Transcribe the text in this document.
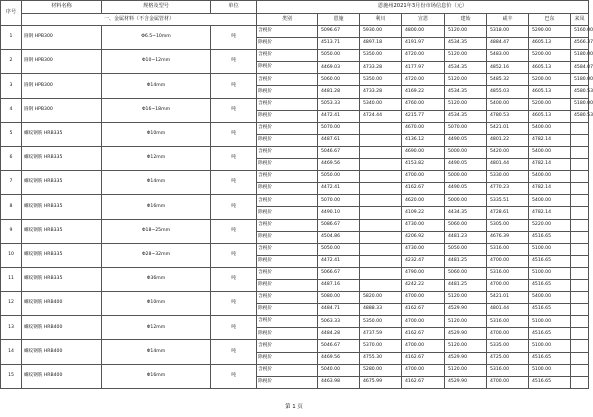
序号	材料名称	规格及型号	单位	恩施州2021年3月份市场信息价（元）								
	一、金属材料（不含金属管材）			类别	恩施	利川	宣恩	建始	咸丰	巴东	来凤	
1	圆钢 HPB300	Φ6.5~10mm	吨	含税价	5096.67	5930.00	4800.00	5120.00	5318.00	5290.00	5160.00	
				除税价	4513.71	4897.18	4191.97	4534.35	4884.47	4605.13	4566.37	
2	圆钢 HPB300	Φ10~12mm	吨	含税价	5050.00	5350.00	4720.00	5120.00	5483.00	5200.00	5180.00	
				除税价	4469.03	4733.28	4177.97	4534.35	4852.16	4605.13	4584.07	
3	圆钢 HPB300	Φ14mm	吨	含税价	5060.00	5350.00	4720.00	5120.00	5485.32	5200.00	5180.00	
				除税价	4481.28	4733.28	4169.22	4534.35	4855.03	4605.13	4580.53	
4	圆钢 HPB300	Φ16~18mm	吨	含税价	5053.33	5340.00	4760.00	5120.00	5400.00	5200.00	5180.00	
				除税价	4472.41	4724.44	4215.77	4534.35	4780.53	4605.13	4580.53	
5	螺纹钢筋 HRB335	Φ10mm	吨	含税价	5070.00		4670.00	5070.00	5421.01	5400.00		
				除税价	4487.61		4136.12	4490.05	4801.22	4782.14		
6	螺纹钢筋 HRB335	Φ12mm	吨	含税价	5046.67		4690.00	5000.00	5420.00	5400.00		
				除税价	4469.56		4153.82	4490.05	4801.44	4782.14		
7	螺纹钢筋 HRB335	Φ14mm	吨	含税价	5050.00		4700.00	5000.00	5330.00	5400.00		
				除税价	4472.41		4162.67	4490.05	4770.23	4782.14		
8	螺纹钢筋 HRB335	Φ16mm	吨	含税价	5070.00		4620.00	5000.00	5335.51	5400.00		
				除税价	4490.10		4109.22	4434.35	4728.61	4782.14		
9	螺纹钢筋 HRB335	Φ18~25mm	吨	含税价	5086.67		4730.00	5060.00	5305.00	5220.00		
				除税价	4504.86		4206.92	4481.23	4676.39	4516.65		
10	螺纹钢筋 HRB335	Φ28~32mm	吨	含税价	5050.00		4730.00	5050.00	5316.00	5100.00		
				除税价	4472.41		4232.47	4481.25	4700.00	4516.65		
11	螺纹钢筋 HRB335	Φ36mm	吨	含税价	5066.67		4790.00	5060.00	5316.00	5100.00		
				除税价	4487.16		4242.22	4481.25	4700.00	4516.65		
12	螺纹钢筋 HRB400	Φ10mm	吨	含税价	5080.00	5820.00	4700.00	5120.00	5421.01	5400.00		
				除税价	4484.71	4888.33	4162.67	4529.90	4801.44	4516.65		
13	螺纹钢筋 HRB400	Φ12mm	吨	含税价	5063.33	5350.00	4700.00	5120.00	5316.00	5100.00		
				除税价	4484.28	4737.59	4162.67	4529.90	4700.00	4516.65		
14	螺纹钢筋 HRB400	Φ14mm	吨	含税价	5046.67	5370.00	4700.00	5120.00	5335.00	5100.00		
				除税价	4469.56	4755.30	4162.67	4529.90	4725.00	4516.65		
15	螺纹钢筋 HRB400	Φ16mm	吨	含税价	5040.00	5280.00	4700.00	5120.00	5316.00	5100.00		
				除税价	4463.98	4675.99	4162.67	4529.90	4700.00	4516.65		
第 1 页
